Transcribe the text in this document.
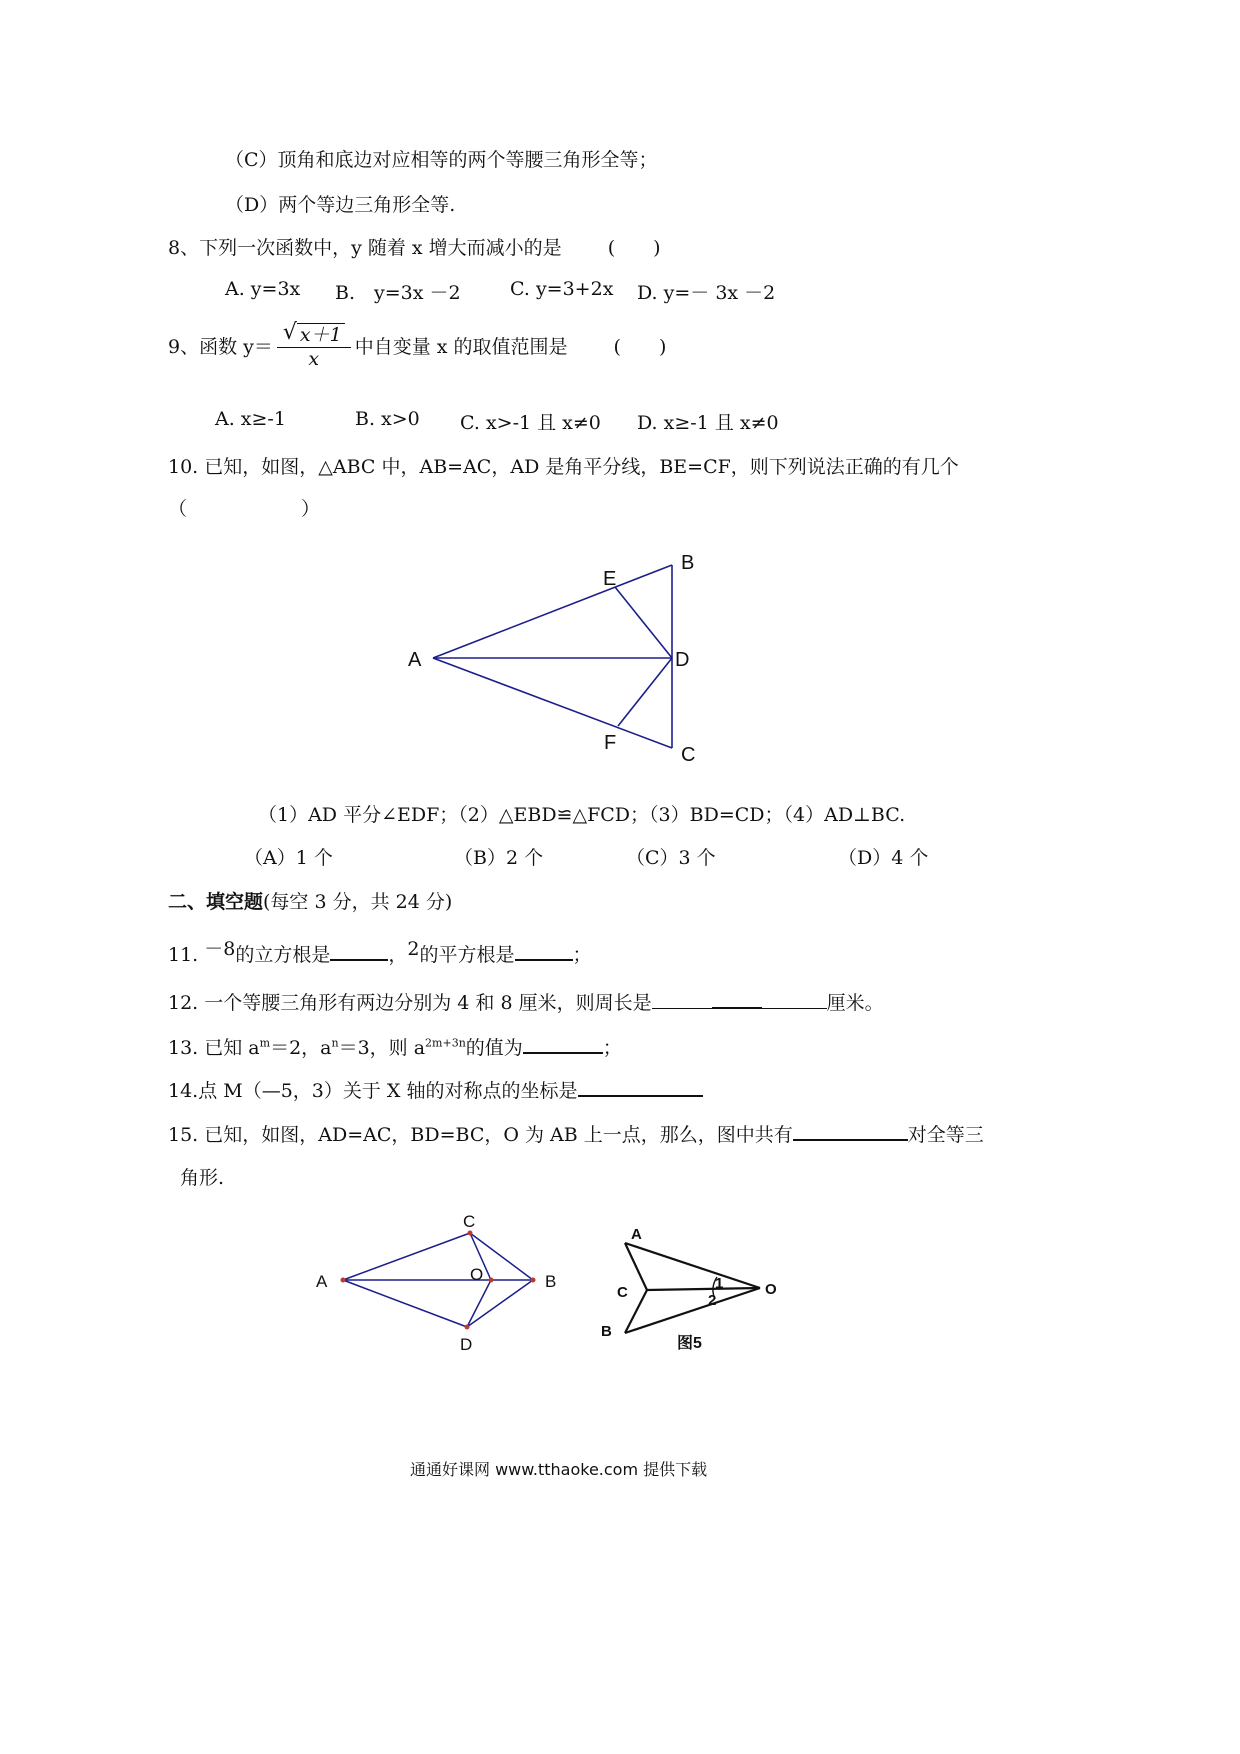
（C）顶角和底边对应相等的两个等腰三角形全等；
（D）两个等边三角形全等.
8、下列一次函数中，y 随着 x 增大而减小的是 (　　)
A. y=3x B.　y=3x －2	C. y=3+2x D. y=－ 3x －2
9、函数 $y= \frac{√ x+1}{x}$ 中自变量 x 的取值范围是 (　　)
A. x≥-1	B. x>0 C. x>-1 且 x≠0 D. x≥-1 且 x≠0
10. 已知，如图，△ABC 中，AB=AC，AD 是角平分线，BE=CF，则下列说法正确的有几个
（　　　　　　）
A
B
C
D
E
F
（1）AD 平分∠EDF；（2）△EBD≌△FCD；（3）BD=CD；（4）AD⊥BC.
（A）1 个	（B）2 个	（C）3 个	（D）4 个
二、填空题(每空 3 分，共 24 分)
11. －8的立方根是	，2的平方根是	；
12. 一个等腰三角形有两边分别为 4 和 8 厘米，则周长是	厘米。
13. 已知 $a^m=2$，$a^n=3$，则 $a^{2m+3n}$的值为	；
14.点 M（—5，3）关于 X 轴的对称点的坐标是
15. 已知，如图，AD=AC，BD=BC，O 为 AB 上一点，那么，图中共有	对全等三
角形.
A
C
B
D
O
A
C
B
O
1
2
图5
通通好课网 www.tthaoke.com 提供下载
